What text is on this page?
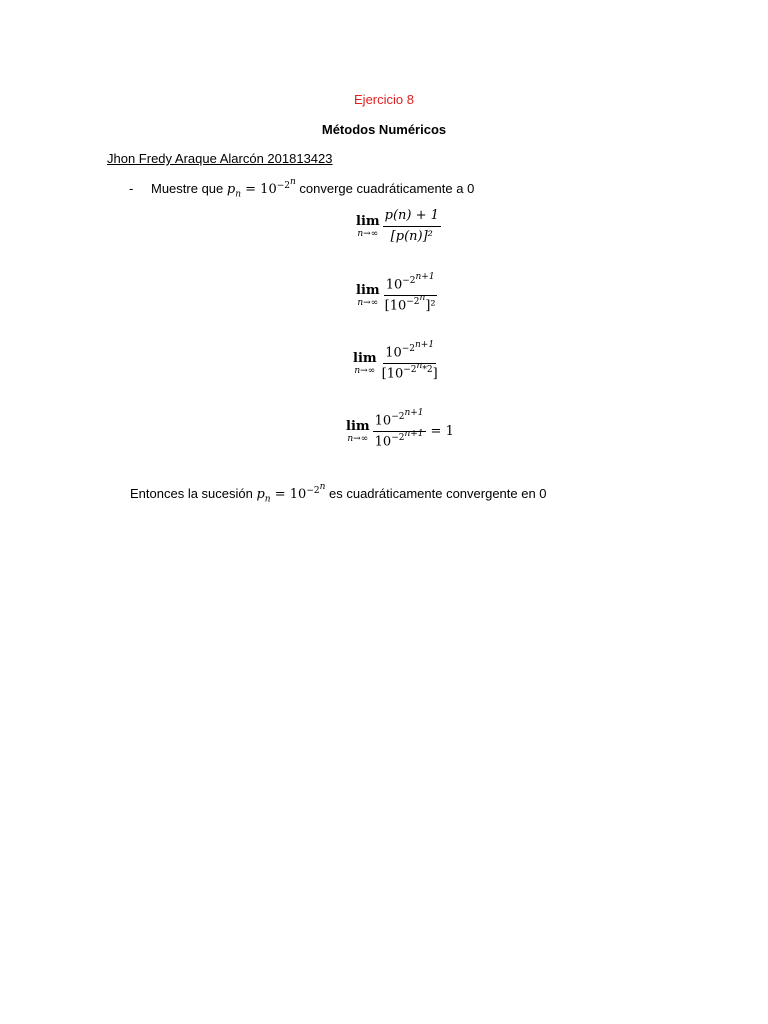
Ejercicio 8
Métodos Numéricos
Jhon Fredy Araque Alarcón 201813423
- Muestre que $p_n = 10^{-2^n}$ converge cuadráticamente a 0
lim
$n\to\infty \frac{p(n) + 1}{\text{[p(n)]²}}$
lim
$n\to\infty \frac{10^{-2^{n+1}}}{[10^{-2^n}]^2}$
lim
$n\to\infty \frac{10^{-2^{n+1}}}{[10^{-2^n*2}]}$
lim
$n\to\infty \frac{10^{-2^{n+1}}}{10^{-2^{n+1}}} = 1$
Entonces la sucesión $p_n = 10^{-2^n}$ es cuadráticamente convergente en 0
